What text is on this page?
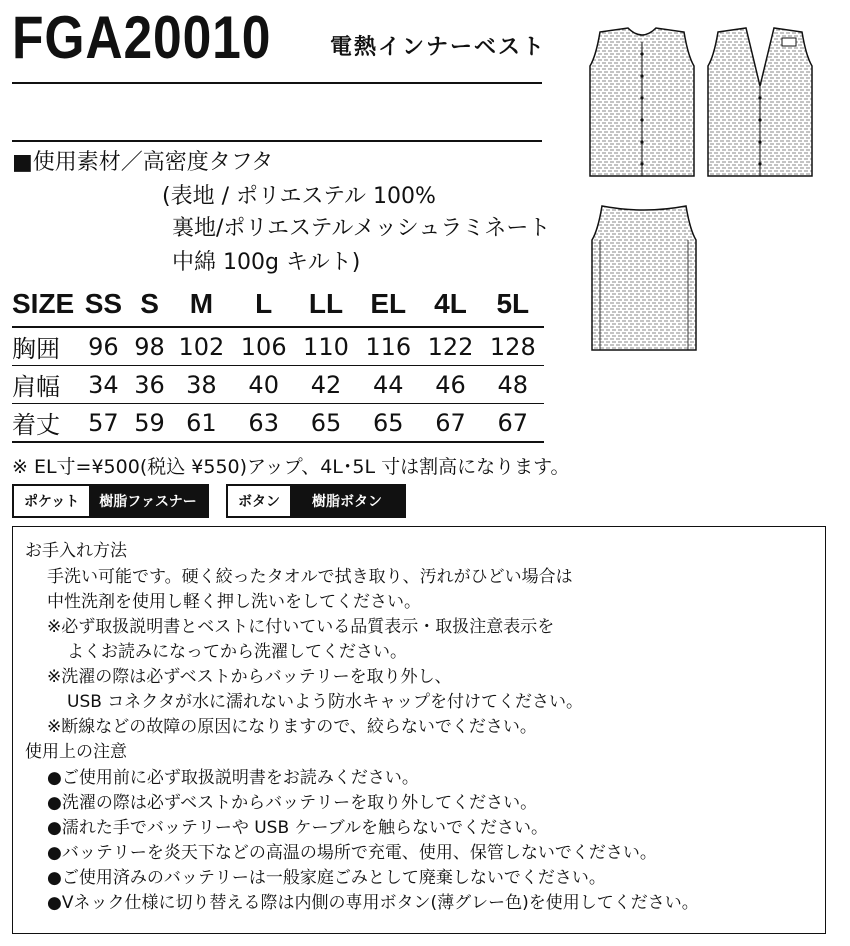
FGA20010	電熱インナーベスト
■使用素材／高密度タフタ
(表地 / ポリエステル 100%
裏地/ポリエステルメッシュラミネート
中綿 100g キルト)
SIZE	SS	S	M	L	LL	EL	4L	5L
胸囲	96	98	102	106	110	116	122	128
肩幅	34	36	38	40	42	44	46	48
着丈	57	59	61	63	65	65	67	67
※ EL寸=¥500(税込 ¥550)アップ、4L･5L 寸は割高になります。
ポケット	樹脂ファスナー	ボタン	樹脂ボタン
お手入れ方法
手洗い可能です。硬く絞ったタオルで拭き取り、汚れがひどい場合は
中性洗剤を使用し軽く押し洗いをしてください。
※必ず取扱説明書とベストに付いている品質表示・取扱注意表示を
よくお読みになってから洗濯してください。
※洗濯の際は必ずベストからバッテリーを取り外し、
USB コネクタが水に濡れないよう防水キャップを付けてください。
※断線などの故障の原因になりますので、絞らないでください。
使用上の注意
●ご使用前に必ず取扱説明書をお読みください。
●洗濯の際は必ずベストからバッテリーを取り外してください。
●濡れた手でバッテリーや USB ケーブルを触らないでください。
●バッテリーを炎天下などの高温の場所で充電、使用、保管しないでください。
●ご使用済みのバッテリーは一般家庭ごみとして廃棄しないでください。
●Vネック仕様に切り替える際は内側の専用ボタン(薄グレー色)を使用してください。
